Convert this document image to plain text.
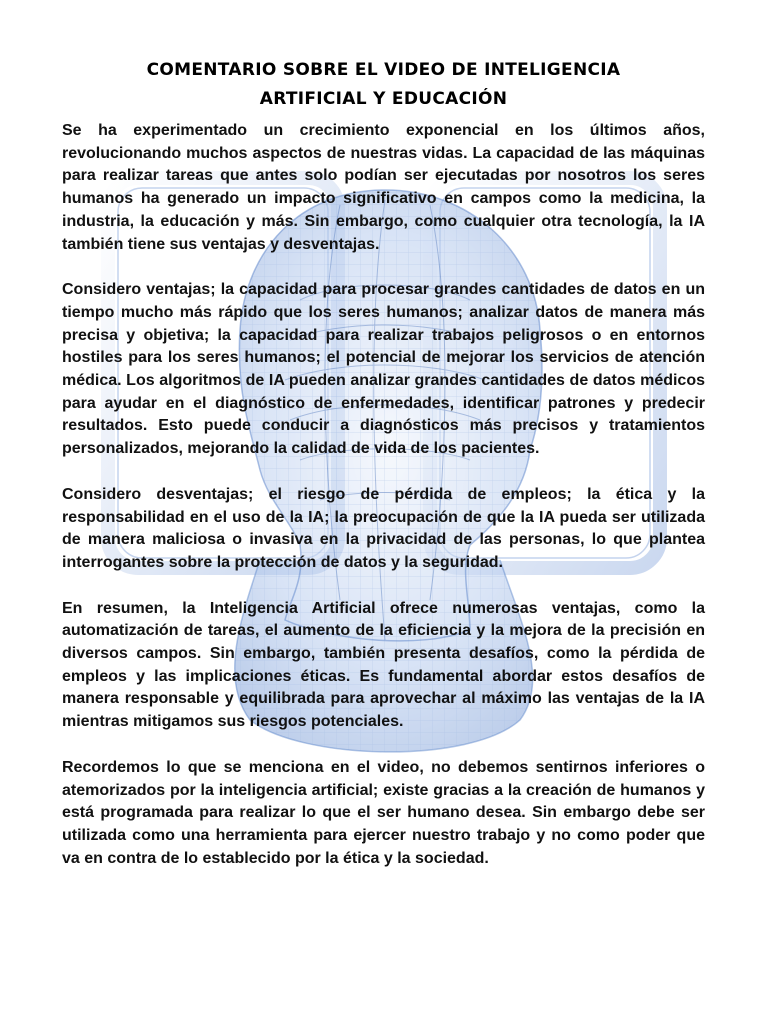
COMENTARIO SOBRE EL VIDEO DE INTELIGENCIA
ARTIFICIAL Y EDUCACIÓN

Se ha experimentado un crecimiento exponencial en los últimos años, revolucionando muchos aspectos de nuestras vidas. La capacidad de las máquinas para realizar tareas que antes solo podían ser ejecutadas por nosotros los seres humanos ha generado un impacto significativo en campos como la medicina, la industria, la educación y más. Sin embargo, como cualquier otra tecnología, la IA también tiene sus ventajas y desventajas.

Considero ventajas; la capacidad para procesar grandes cantidades de datos en un tiempo mucho más rápido que los seres humanos; analizar datos de manera más precisa y objetiva; la capacidad para realizar trabajos peligrosos o en entornos hostiles para los seres humanos; el potencial de mejorar los servicios de atención médica. Los algoritmos de IA pueden analizar grandes cantidades de datos médicos para ayudar en el diagnóstico de enfermedades, identificar patrones y predecir resultados. Esto puede conducir a diagnósticos más precisos y tratamientos personalizados, mejorando la calidad de vida de los pacientes.

Considero desventajas; el riesgo de pérdida de empleos; la ética y la responsabilidad en el uso de la IA; la preocupación de que la IA pueda ser utilizada de manera maliciosa o invasiva en la privacidad de las personas, lo que plantea interrogantes sobre la protección de datos y la seguridad.

En resumen, la Inteligencia Artificial ofrece numerosas ventajas, como la automatización de tareas, el aumento de la eficiencia y la mejora de la precisión en diversos campos. Sin embargo, también presenta desafíos, como la pérdida de empleos y las implicaciones éticas. Es fundamental abordar estos desafíos de manera responsable y equilibrada para aprovechar al máximo las ventajas de la IA mientras mitigamos sus riesgos potenciales.

Recordemos lo que se menciona en el video, no debemos sentirnos inferiores o atemorizados por la inteligencia artificial; existe gracias a la creación de humanos y está programada para realizar lo que el ser humano desea. Sin embargo debe ser utilizada como una herramienta para ejercer nuestro trabajo y no como poder que va en contra de lo establecido por la ética y la sociedad.
